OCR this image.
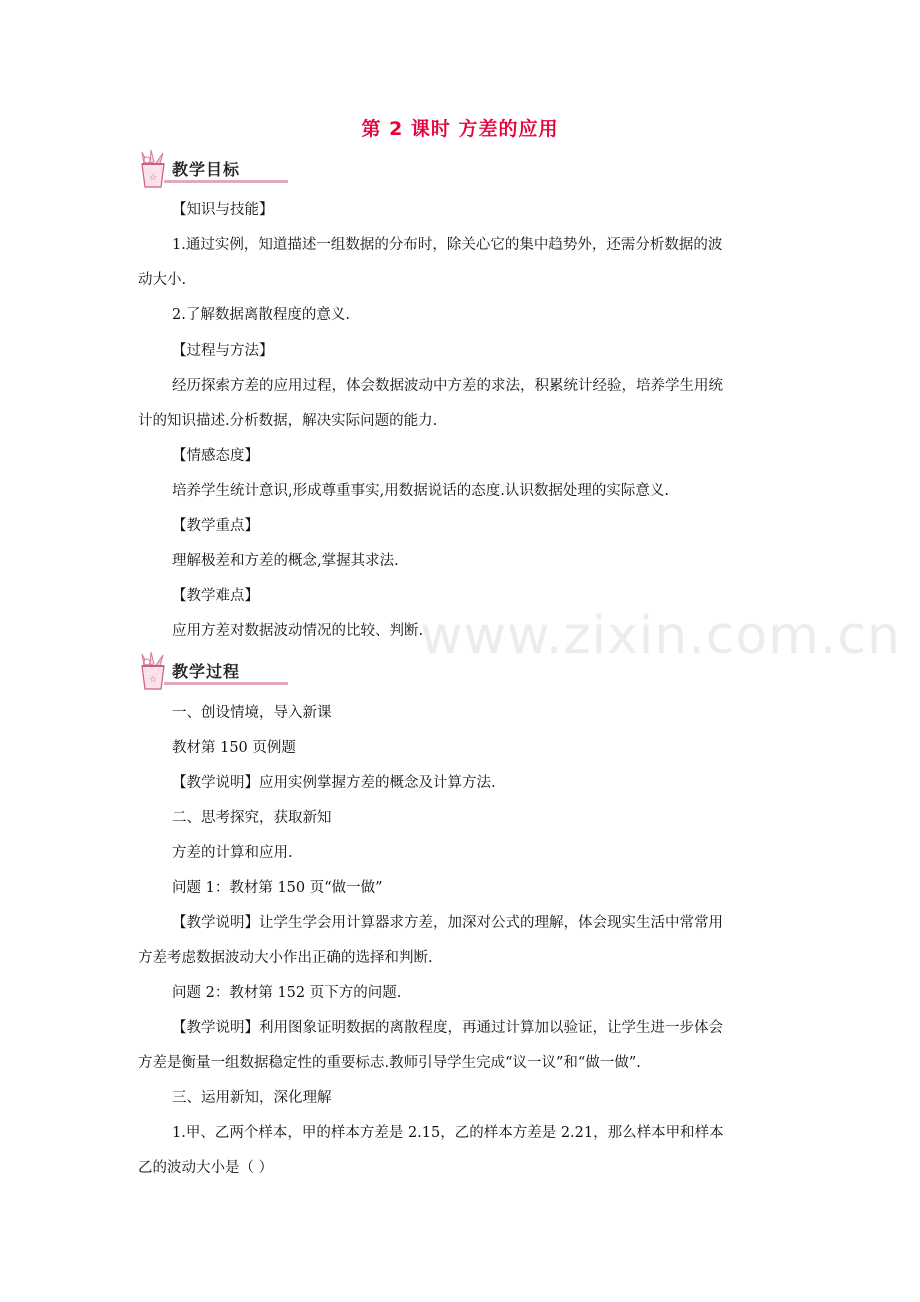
第 2 课时 方差的应用
☆ 教学目标
☆ 教学过程
【知识与技能】
1.通过实例，知道描述一组数据的分布时，除关心它的集中趋势外，还需分析数据的波
动大小.
2.了解数据离散程度的意义.
【过程与方法】
经历探索方差的应用过程，体会数据波动中方差的求法，积累统计经验，培养学生用统
计的知识描述.分析数据，解决实际问题的能力.
【情感态度】
培养学生统计意识,形成尊重事实,用数据说话的态度.认识数据处理的实际意义.
【教学重点】
理解极差和方差的概念,掌握其求法.
【教学难点】
应用方差对数据波动情况的比较、判断.
一、创设情境，导入新课
教材第 150 页例题
【教学说明】应用实例掌握方差的概念及计算方法.
二、思考探究，获取新知
方差的计算和应用.
问题 1：教材第 150 页“做一做”
【教学说明】让学生学会用计算器求方差，加深对公式的理解，体会现实生活中常常用
方差考虑数据波动大小作出正确的选择和判断.
问题 2：教材第 152 页下方的问题.
【教学说明】利用图象证明数据的离散程度，再通过计算加以验证，让学生进一步体会
方差是衡量一组数据稳定性的重要标志.教师引导学生完成“议一议”和“做一做”.
三、运用新知，深化理解
1.甲、乙两个样本，甲的样本方差是 2.15，乙的样本方差是 2.21，那么样本甲和样本
乙的波动大小是（ ）
www.zixin.com.cn
